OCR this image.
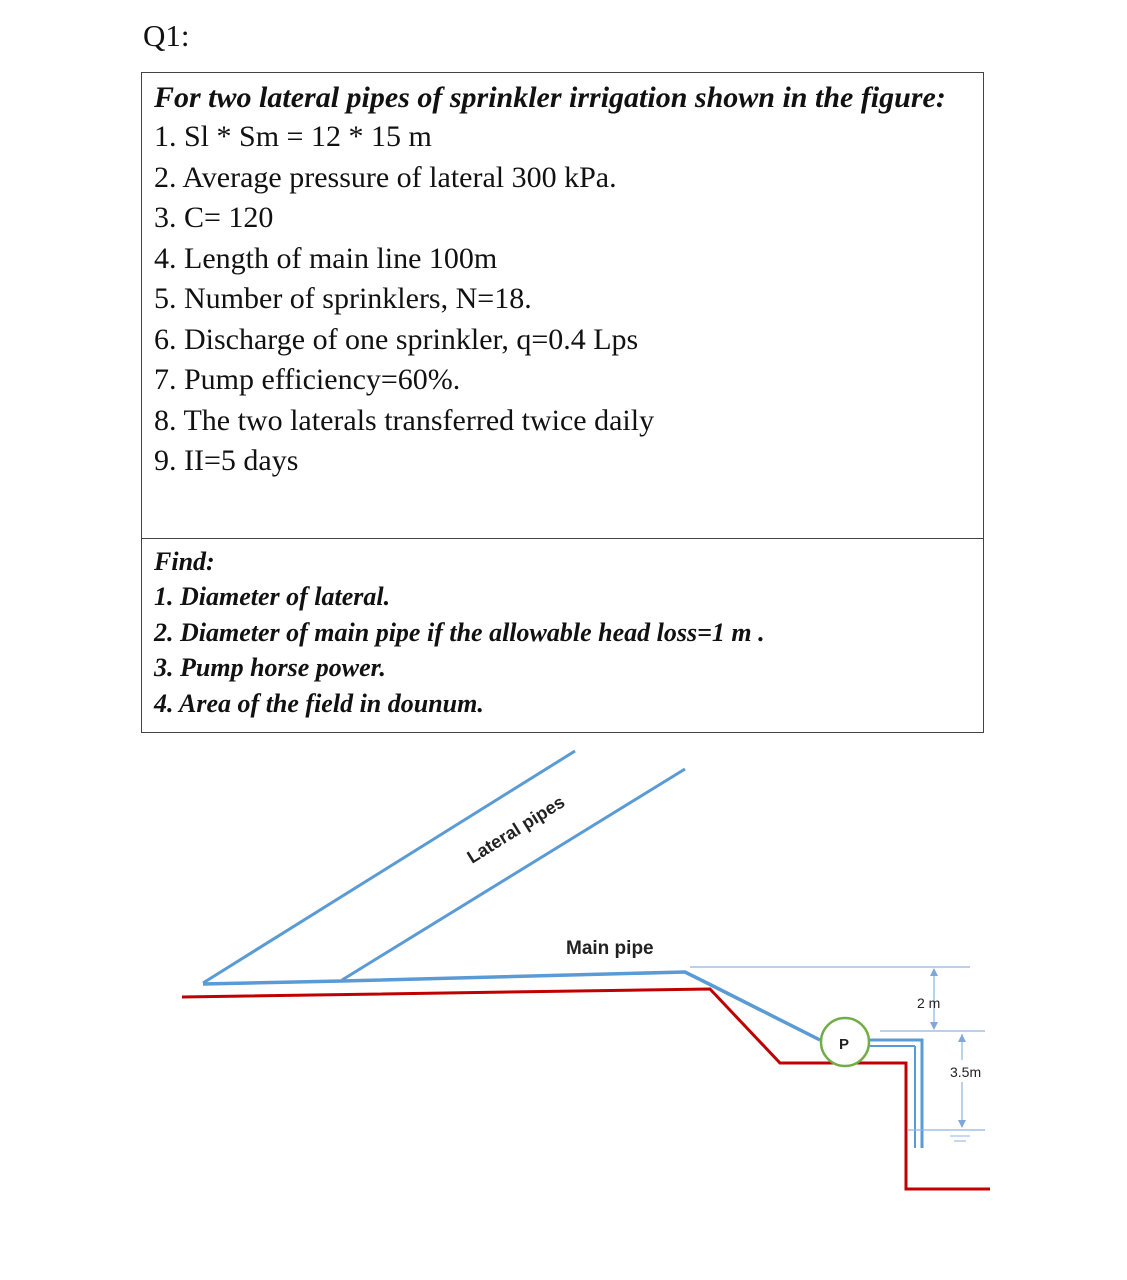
Q1:

For two lateral pipes of sprinkler irrigation shown in the figure:

1. Sl * Sm = 12 * 15 m
2. Average pressure of lateral 300 kPa.
3. C= 120
4. Length of main line 100m
5. Number of sprinklers, N=18.
6. Discharge of one sprinkler, q=0.4 Lps
7. Pump efficiency=60%.
8. The two laterals transferred twice daily
9. II=5 days

Find:

1. Diameter of lateral.
2. Diameter of main pipe if the allowable head loss=1 m .
3. Pump horse power.
4. Area of the field in dounum.
Lateral pipes
Main pipe
P
2 m
3.5m
